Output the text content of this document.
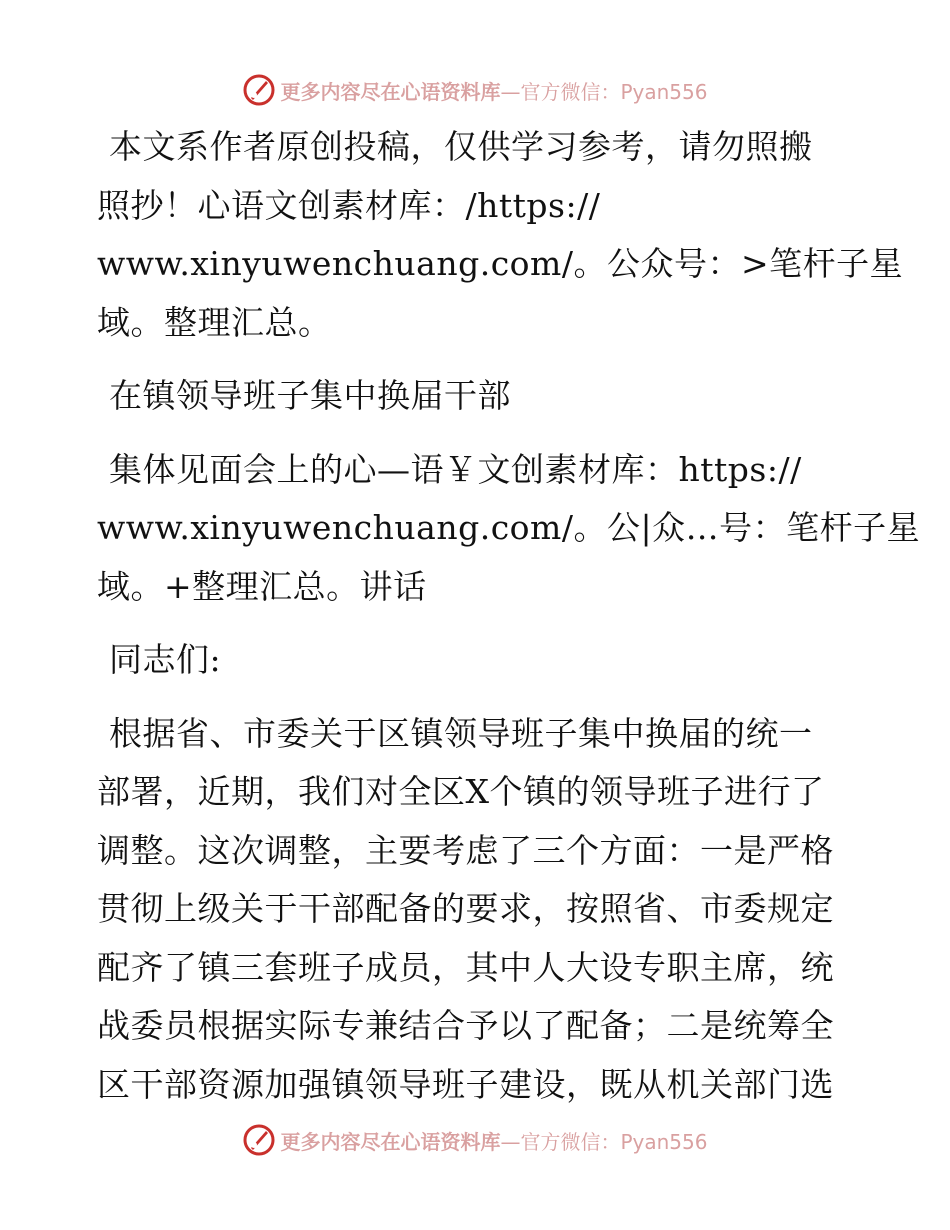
更多内容尽在心语资料库—官方微信：Pyan556

本文系作者原创投稿，仅供学习参考，请勿照搬
照抄！心语文创素材库：/https://
www.xinyuwenchuang.com/。公众号：>笔杆子星
域。整理汇总。

在镇领导班子集中换届干部

集体见面会上的心—语￥文创素材库：https://
www.xinyuwenchuang.com/。公|众…号：笔杆子星
域。+整理汇总。讲话

同志们:

根据省、市委关于区镇领导班子集中换届的统一
部署，近期，我们对全区X个镇的领导班子进行了
调整。这次调整，主要考虑了三个方面：一是严格
贯彻上级关于干部配备的要求，按照省、市委规定
配齐了镇三套班子成员，其中人大设专职主席，统
战委员根据实际专兼结合予以了配备；二是统筹全
区干部资源加强镇领导班子建设，既从机关部门选

更多内容尽在心语资料库—官方微信：Pyan556
